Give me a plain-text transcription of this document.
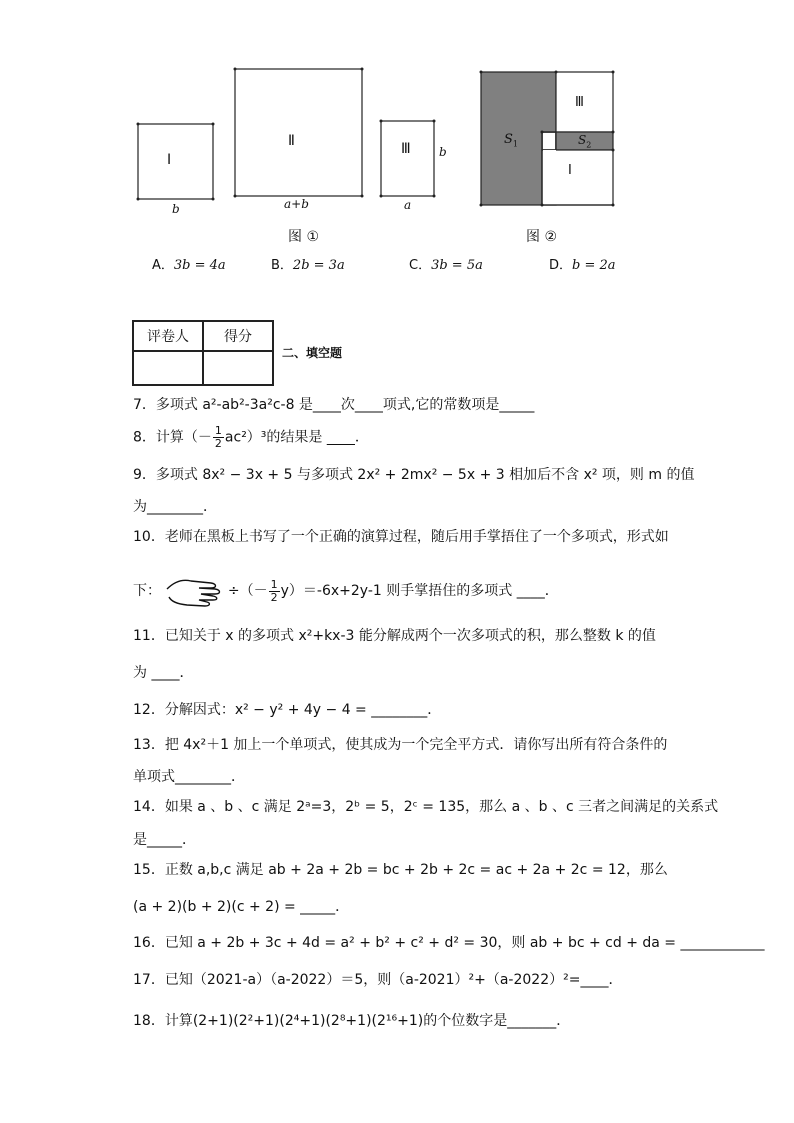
Ⅰ
Ⅱ	Ⅲ
b	a+b	a
b
图 ①
$S_1$	$S_2$
Ⅲ
Ⅰ
图 ②
A．3b = 4a	B．2b = 3a	C．3b = 5a	D．b = 2a
评卷人	得分

二、填空题
7．多项式 a²-ab²-3a²c-8 是____次____项式,它的常数项是_____
8．计算（－ $\frac{1}{2} ac^2)^3$的结果是 ____．
9．多项式 8x² − 3x + 5 与多项式 2x² + 2mx² − 5x + 3 相加后不含 x² 项，则 m 的值
为________．
10．老师在黑板上书写了一个正确的演算过程，随后用手掌捂住了一个多项式，形式如
下：	÷（－ $\frac{1}{2} y)=-6x+2y-1$ 则手掌捂住的多项式 ____．
11．已知关于 x 的多项式 x²+kx-3 能分解成两个一次多项式的积，那么整数 k 的值
为 ____．
12．分解因式：x² − y² + 4y − 4 = ________．
13．把 4x²＋1 加上一个单项式，使其成为一个完全平方式．请你写出所有符合条件的
单项式________．
14．如果 a 、b 、c 满足 2ᵃ=3，2ᵇ = 5，2ᶜ = 135，那么 a 、b 、c 三者之间满足的关系式
是_____．
15．正数 a,b,c 满足 ab + 2a + 2b = bc + 2b + 2c = ac + 2a + 2c = 12，那么
(a + 2)(b + 2)(c + 2) = _____．
16．已知 a + 2b + 3c + 4d = a² + b² + c² + d² = 30，则 ab + bc + cd + da = ____________
17．已知（2021-a）（a-2022）＝5，则（a-2021）²+（a-2022）²=____．
18．计算(2+1)(2²+1)(2⁴+1)(2⁸+1)(2¹⁶+1)的个位数字是_______．
